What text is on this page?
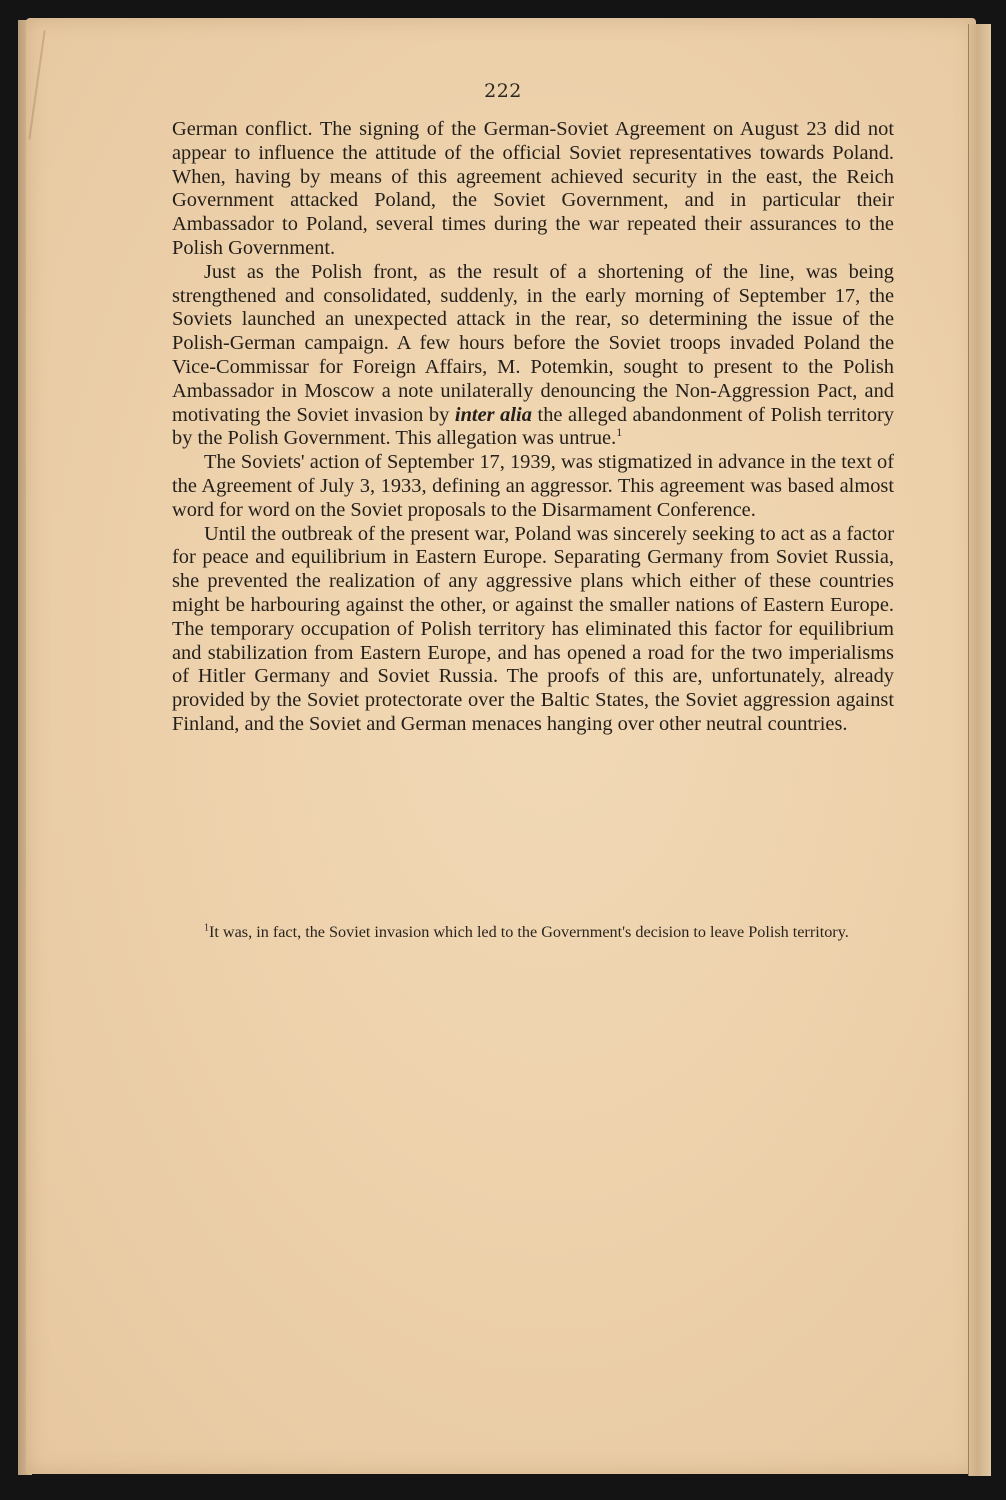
222

German conflict. The signing of the German-Soviet Agreement on August 23 did not appear to influence the attitude of the official Soviet representatives towards Poland. When, having by means of this agreement achieved security in the east, the Reich Government attacked Poland, the Soviet Government, and in particular their Ambassador to Poland, several times during the war repeated their assurances to the Polish Government.

Just as the Polish front, as the result of a shortening of the line, was being strengthened and consolidated, suddenly, in the early morning of September 17, the Soviets launched an unexpected attack in the rear, so determining the issue of the Polish-German campaign. A few hours before the Soviet troops invaded Poland the Vice-Commissar for Foreign Affairs, M. Potemkin, sought to present to the Polish Ambassador in Moscow a note unilaterally denouncing the Non-Aggression Pact, and motivating the Soviet invasion by inter alia the alleged abandonment of Polish territory by the Polish Government. This allegation was untrue.$^1$

The Soviets' action of September 17, 1939, was stigmatized in advance in the text of the Agreement of July 3, 1933, defining an aggressor. This agreement was based almost word for word on the Soviet proposals to the Disarmament Conference.

Until the outbreak of the present war, Poland was sincerely seeking to act as a factor for peace and equilibrium in Eastern Europe. Separating Germany from Soviet Russia, she prevented the realization of any aggressive plans which either of these countries might be harbouring against the other, or against the smaller nations of Eastern Europe. The temporary occupation of Polish territory has eliminated this factor for equilibrium and stabilization from Eastern Europe, and has opened a road for the two imperialisms of Hitler Germany and Soviet Russia. The proofs of this are, unfortunately, already provided by the Soviet protectorate over the Baltic States, the Soviet aggression against Finland, and the Soviet and German menaces hanging over other neutral countries.

$^1$It was, in fact, the Soviet invasion which led to the Government's decision to leave Polish territory.
